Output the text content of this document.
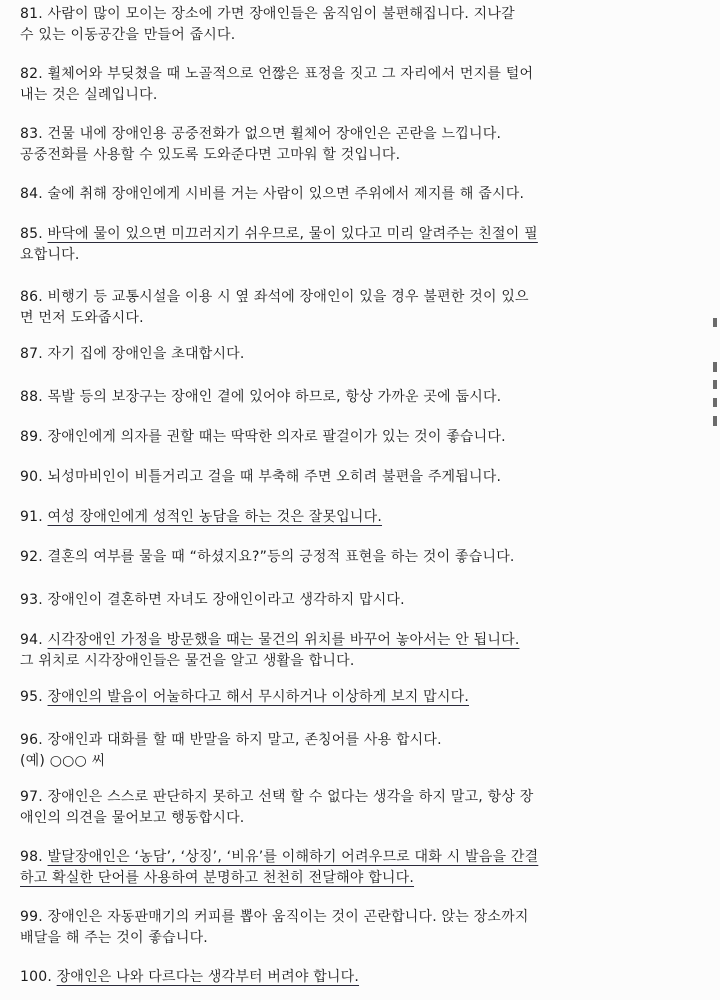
81. 사람이 많이 모이는 장소에 가면 장애인들은 움직임이 불편해집니다. 지나갈
수 있는 이동공간을 만들어 줍시다.
82. 휠체어와 부딪쳤을 때 노골적으로 언짢은 표정을 짓고 그 자리에서 먼지를 털어
내는 것은 실례입니다.
83. 건물 내에 장애인용 공중전화가 없으면 휠체어 장애인은 곤란을 느낍니다.
공중전화를 사용할 수 있도록 도와준다면 고마워 할 것입니다.
84. 술에 취해 장애인에게 시비를 거는 사람이 있으면 주위에서 제지를 해 줍시다.
85. 바닥에 물이 있으면 미끄러지기 쉬우므로, 물이 있다고 미리 알려주는 친절이 필
요합니다.
86. 비행기 등 교통시설을 이용 시 옆 좌석에 장애인이 있을 경우 불편한 것이 있으
면 먼저 도와줍시다.
87. 자기 집에 장애인을 초대합시다.
88. 목발 등의 보장구는 장애인 곁에 있어야 하므로, 항상 가까운 곳에 둡시다.
89. 장애인에게 의자를 권할 때는 딱딱한 의자로 팔걸이가 있는 것이 좋습니다.
90. 뇌성마비인이 비틀거리고 걸을 때 부축해 주면 오히려 불편을 주게됩니다.
91. 여성 장애인에게 성적인 농담을 하는 것은 잘못입니다.
92. 결혼의 여부를 물을 때 “하셨지요?”등의 긍정적 표현을 하는 것이 좋습니다.
93. 장애인이 결혼하면 자녀도 장애인이라고 생각하지 맙시다.
94. 시각장애인 가정을 방문했을 때는 물건의 위치를 바꾸어 놓아서는 안 됩니다.
그 위치로 시각장애인들은 물건을 알고 생활을 합니다.
95. 장애인의 발음이 어눌하다고 해서 무시하거나 이상하게 보지 맙시다.
96. 장애인과 대화를 할 때 반말을 하지 말고, 존칭어를 사용 합시다.
(예) ○○○ 씨
97. 장애인은 스스로 판단하지 못하고 선택 할 수 없다는 생각을 하지 말고, 항상 장
애인의 의견을 물어보고 행동합시다.
98. 발달장애인은 ‘농담’, ‘상징’, ‘비유’를 이해하기 어려우므로 대화 시 발음을 간결
하고 확실한 단어를 사용하여 분명하고 천천히 전달해야 합니다.
99. 장애인은 자동판매기의 커피를 뽑아 움직이는 것이 곤란합니다. 앉는 장소까지
배달을 해 주는 것이 좋습니다.
100. 장애인은 나와 다르다는 생각부터 버려야 합니다.
